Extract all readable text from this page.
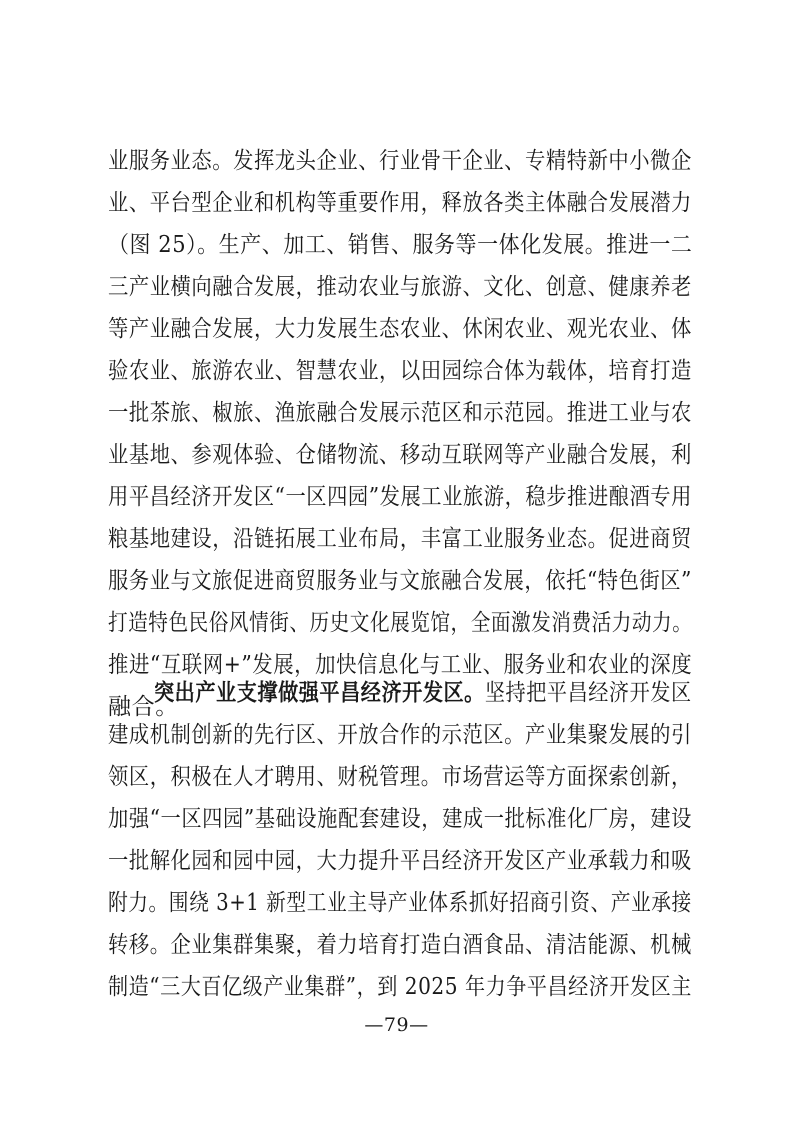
业服务业态。发挥龙头企业、行业骨干企业、专精特新中小微企
业、平台型企业和机构等重要作用，释放各类主体融合发展潜力
（图 25）。生产、加工、销售、服务等一体化发展。推进一二
三产业横向融合发展，推动农业与旅游、文化、创意、健康养老
等产业融合发展，大力发展生态农业、休闲农业、观光农业、体
验农业、旅游农业、智慧农业，以田园综合体为载体，培育打造
一批茶旅、椒旅、渔旅融合发展示范区和示范园。推进工业与农
业基地、参观体验、仓储物流、移动互联网等产业融合发展，利
用平昌经济开发区“一区四园”发展工业旅游，稳步推进酿酒专用
粮基地建设，沿链拓展工业布局，丰富工业服务业态。促进商贸
服务业与文旅促进商贸服务业与文旅融合发展，依托“特色街区”
打造特色民俗风情街、历史文化展览馆，全面激发消费活力动力。
推进“互联网+”发展，加快信息化与工业、服务业和农业的深度
融合。
突出产业支撑做强平昌经济开发区。坚持把平昌经济开发区
建成机制创新的先行区、开放合作的示范区。产业集聚发展的引
领区，积极在人才聘用、财税管理。市场营运等方面探索创新，
加强“一区四园”基础设施配套建设，建成一批标准化厂房，建设
一批解化园和园中园，大力提升平吕经济开发区产业承载力和吸
附力。围绕 3+1 新型工业主导产业体系抓好招商引资、产业承接
转移。企业集群集聚，着力培育打造白酒食品、清洁能源、机械
制造“三大百亿级产业集群”，到 2025 年力争平昌经济开发区主
—79—
